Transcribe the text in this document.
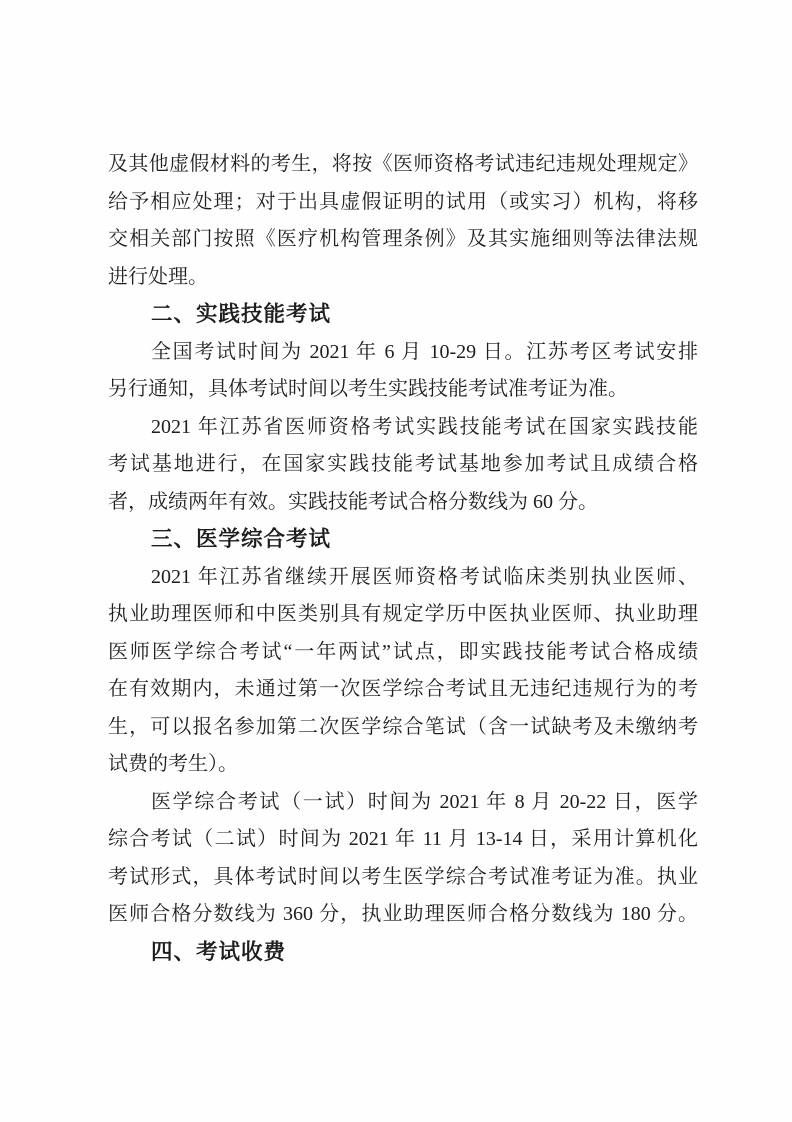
及其他虚假材料的考生，将按《医师资格考试违纪违规处理规定》
给予相应处理；对于出具虚假证明的试用（或实习）机构，将移
交相关部门按照《医疗机构管理条例》及其实施细则等法律法规
进行处理。
二、实践技能考试
全国考试时间为 2021 年 6 月 10-29 日。江苏考区考试安排
另行通知，具体考试时间以考生实践技能考试准考证为准。
2021 年江苏省医师资格考试实践技能考试在国家实践技能
考试基地进行，在国家实践技能考试基地参加考试且成绩合格
者，成绩两年有效。实践技能考试合格分数线为 60 分。
三、医学综合考试
2021 年江苏省继续开展医师资格考试临床类别执业医师、
执业助理医师和中医类别具有规定学历中医执业医师、执业助理
医师医学综合考试“一年两试”试点，即实践技能考试合格成绩
在有效期内，未通过第一次医学综合考试且无违纪违规行为的考
生，可以报名参加第二次医学综合笔试（含一试缺考及未缴纳考
试费的考生）。
医学综合考试（一试）时间为 2021 年 8 月 20-22 日，医学
综合考试（二试）时间为 2021 年 11 月 13-14 日，采用计算机化
考试形式，具体考试时间以考生医学综合考试准考证为准。执业
医师合格分数线为 360 分，执业助理医师合格分数线为 180 分。
四、考试收费
